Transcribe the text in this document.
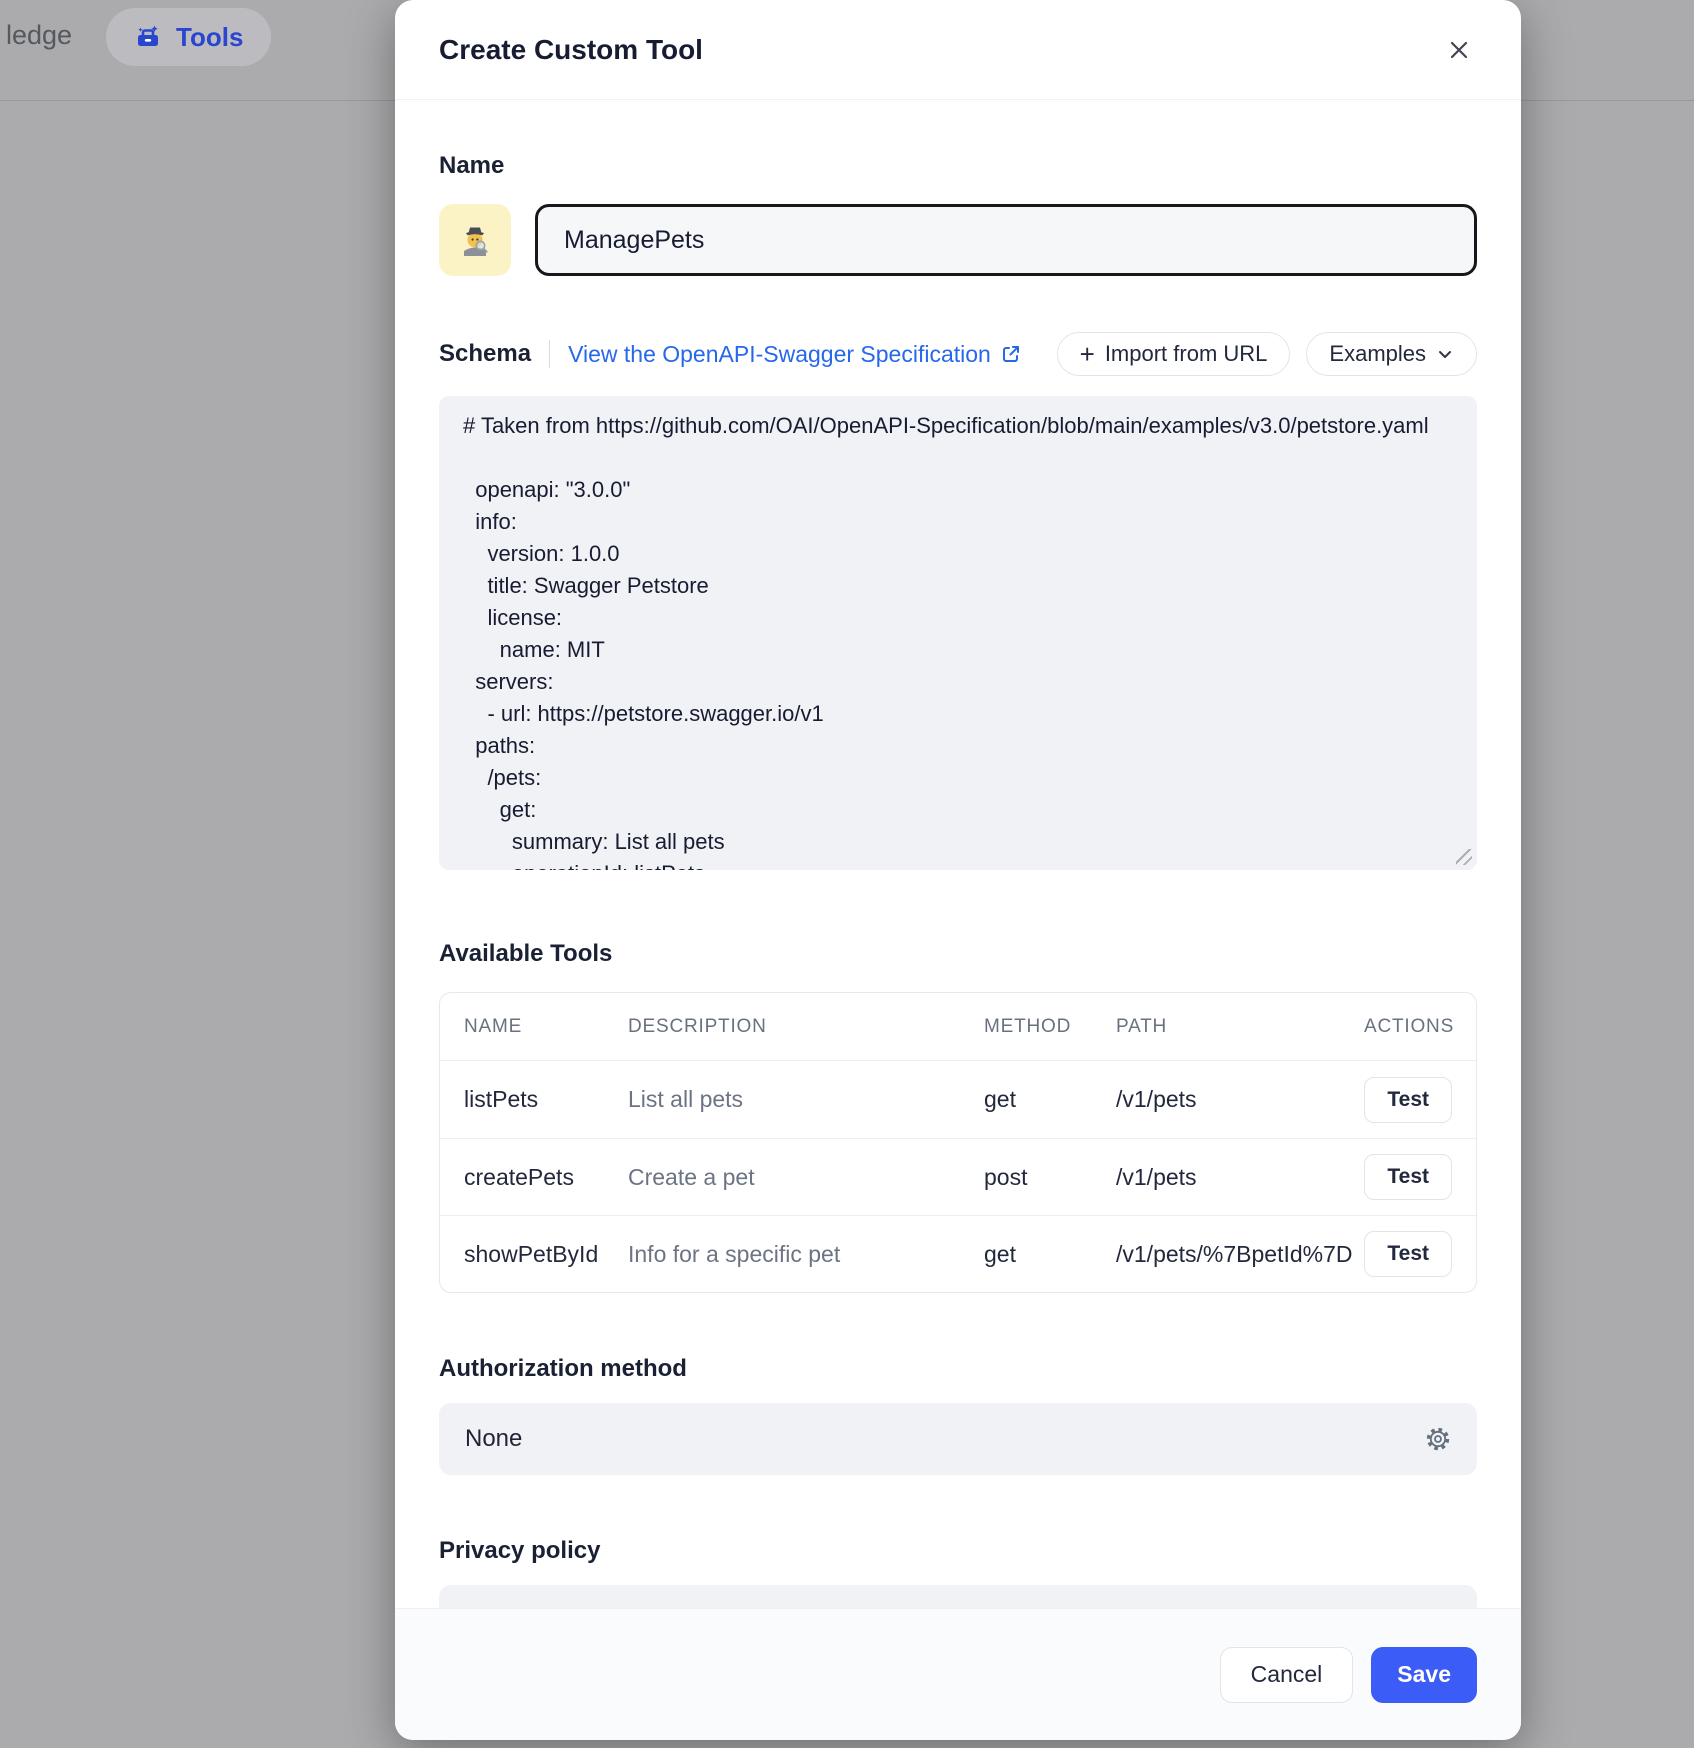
ledge	Tools	Create Custom Tool
Name
ManagePets
Schema View the OpenAPI-Swagger Specification	+ Import from URL	Examples
# Taken from https://github.com/OAI/OpenAPI-Specification/blob/main/examples/v3.0/petstore.yaml openapi: "3.0.0" info: version: 1.0.0 title: Swagger Petstore license: name: MIT servers: - url: https://petstore.swagger.io/v1 paths: /pets: get: summary: List all pets operationId: listPets
Available Tools
NAME	DESCRIPTION	METHOD	PATH	ACTIONS
listPets	List all pets	get	/v1/pets	Test
createPets	Create a pet	post	/v1/pets	Test
showPetById	Info for a specific pet	get	/v1/pets/%7BpetId%7D	Test
Authorization method
None
Privacy policy
Cancel	Save
